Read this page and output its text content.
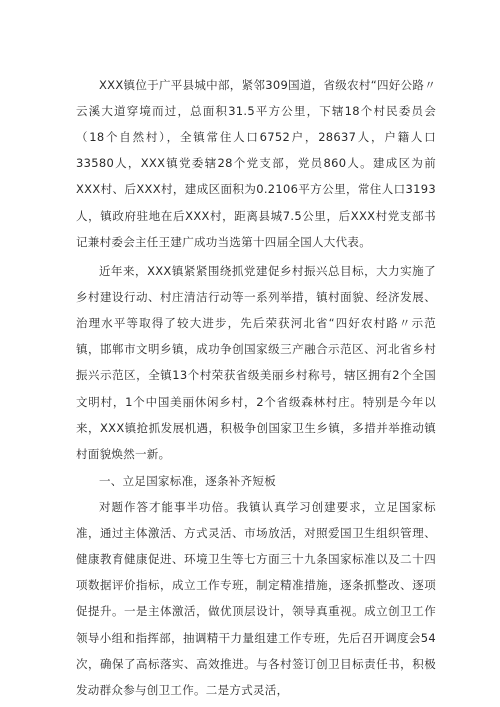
XXX镇位于广平县城中部，紧邻309国道，省级农村“四好公路〃云溪大道穿境而过，总面积31.5平方公里，下辖18个村民委员会（18个自然村），全镇常住人口6752户，28637人，户籍人口33580人，XXX镇党委辖28个党支部，党员860人。建成区为前XXX村、后XXX村，建成区面积为0.2106平方公里，常住人口3193人，镇政府驻地在后XXX村，距离县城7.5公里，后XXX村党支部书记兼村委会主任王建广成功当选第十四届全国人大代表。

近年来，XXX镇紧紧围绕抓党建促乡村振兴总目标，大力实施了乡村建设行动、村庄清洁行动等一系列举措，镇村面貌、经济发展、治理水平等取得了较大进步，先后荣获河北省“四好农村路〃示范镇，邯郸市文明乡镇，成功争创国家级三产融合示范区、河北省乡村振兴示范区，全镇13个村荣获省级美丽乡村称号，辖区拥有2个全国文明村，1个中国美丽休闲乡村，2个省级森林村庄。特别是今年以来，XXX镇抢抓发展机遇，积极争创国家卫生乡镇，多措并举推动镇村面貌焕然一新。

一、立足国家标准，逐条补齐短板

对题作答才能事半功倍。我镇认真学习创建要求，立足国家标准，通过主体激活、方式灵活、市场放活，对照爱国卫生组织管理、健康教育健康促进、环境卫生等七方面三十九条国家标准以及二十四项数据评价指标，成立工作专班，制定精准措施，逐条抓整改、逐项促提升。一是主体激活，做优顶层设计，领导真重视。成立创卫工作领导小组和指挥部，抽调精干力量组建工作专班，先后召开调度会54次，确保了高标落实、高效推进。与各村签订创卫目标责任书，积极发动群众参与创卫工作。二是方式灵活，
